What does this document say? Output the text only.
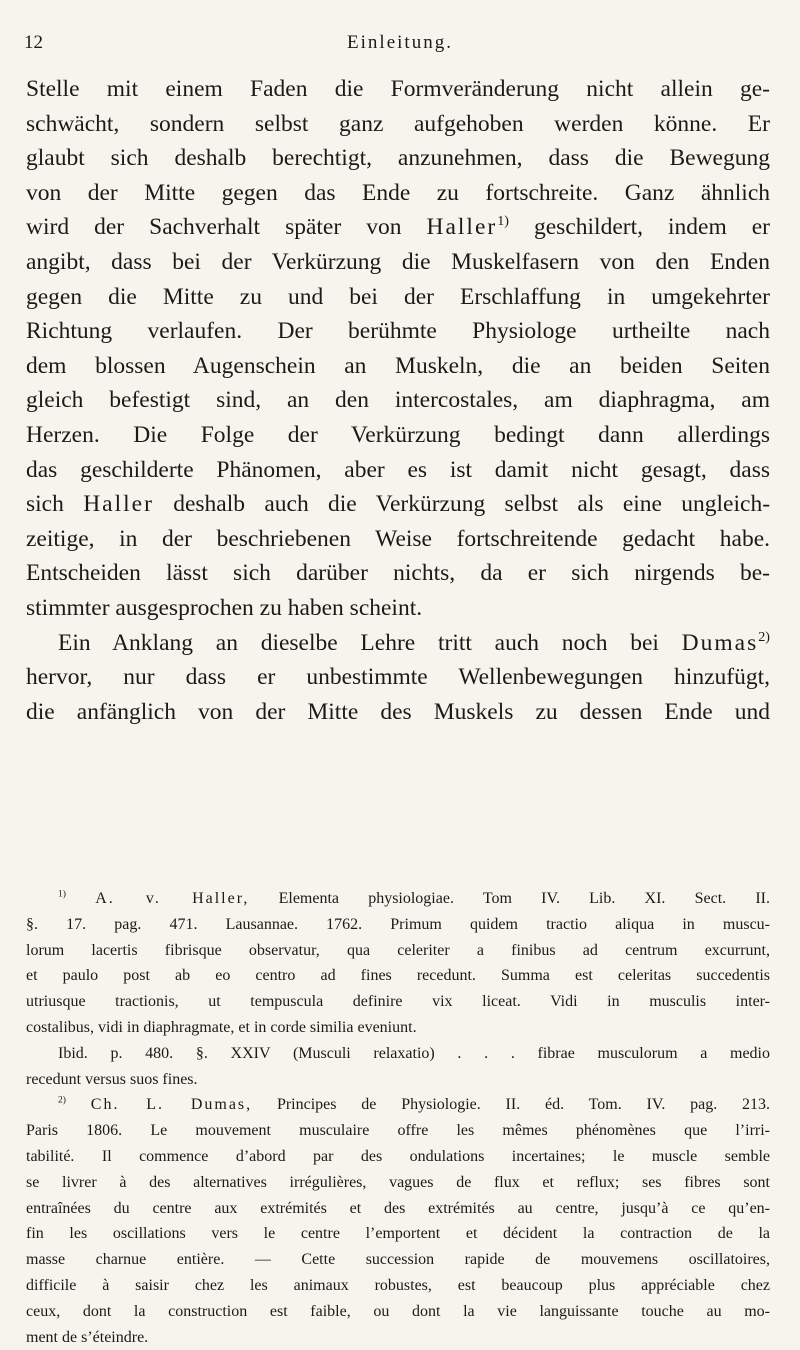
12	Einleitung.
Stelle mit einem Faden die Formveränderung nicht allein ge-
schwächt, sondern selbst ganz aufgehoben werden könne. Er
glaubt sich deshalb berechtigt, anzunehmen, dass die Bewegung
von der Mitte gegen das Ende zu fortschreite. Ganz ähnlich
wird der Sachverhalt später von Haller$^{1)}$ geschildert, indem er
angibt, dass bei der Verkürzung die Muskelfasern von den Enden
gegen die Mitte zu und bei der Erschlaffung in umgekehrter
Richtung verlaufen. Der berühmte Physiologe urtheilte nach
dem blossen Augenschein an Muskeln, die an beiden Seiten
gleich befestigt sind, an den intercostales, am diaphragma, am
Herzen. Die Folge der Verkürzung bedingt dann allerdings
das geschilderte Phänomen, aber es ist damit nicht gesagt, dass
sich Haller deshalb auch die Verkürzung selbst als eine ungleich-
zeitige, in der beschriebenen Weise fortschreitende gedacht habe.
Entscheiden lässt sich darüber nichts, da er sich nirgends be-
stimmter ausgesprochen zu haben scheint.
Ein Anklang an dieselbe Lehre tritt auch noch bei Dumas$^{2)}$
hervor, nur dass er unbestimmte Wellenbewegungen hinzufügt,
die anfänglich von der Mitte des Muskels zu dessen Ende und
$^{1)}$ A. v. Haller, Elementa physiologiae. Tom IV. Lib. XI. Sect. II.
§. 17. pag. 471. Lausannae. 1762. Primum quidem tractio aliqua in muscu-
lorum lacertis fibrisque observatur, qua celeriter a finibus ad centrum excurrunt,
et paulo post ab eo centro ad fines recedunt. Summa est celeritas succedentis
utriusque tractionis, ut tempuscula definire vix liceat. Vidi in musculis inter-
costalibus, vidi in diaphragmate, et in corde similia eveniunt.
Ibid. p. 480. §. XXIV (Musculi relaxatio) . . . fibrae musculorum a medio
recedunt versus suos fines.
$^{2)}$ Ch. L. Dumas, Principes de Physiologie. II. éd. Tom. IV. pag. 213.
Paris 1806. Le mouvement musculaire offre les mêmes phénomènes que l’irri-
tabilité. Il commence d’abord par des ondulations incertaines; le muscle semble
se livrer à des alternatives irrégulières, vagues de flux et reflux; ses fibres sont
entraînées du centre aux extrémités et des extrémités au centre, jusqu’à ce qu’en-
fin les oscillations vers le centre l’emportent et décident la contraction de la
masse charnue entière. — Cette succession rapide de mouvemens oscillatoires,
difficile à saisir chez les animaux robustes, est beaucoup plus appréciable chez
ceux, dont la construction est faible, ou dont la vie languissante touche au mo-
ment de s’éteindre.
